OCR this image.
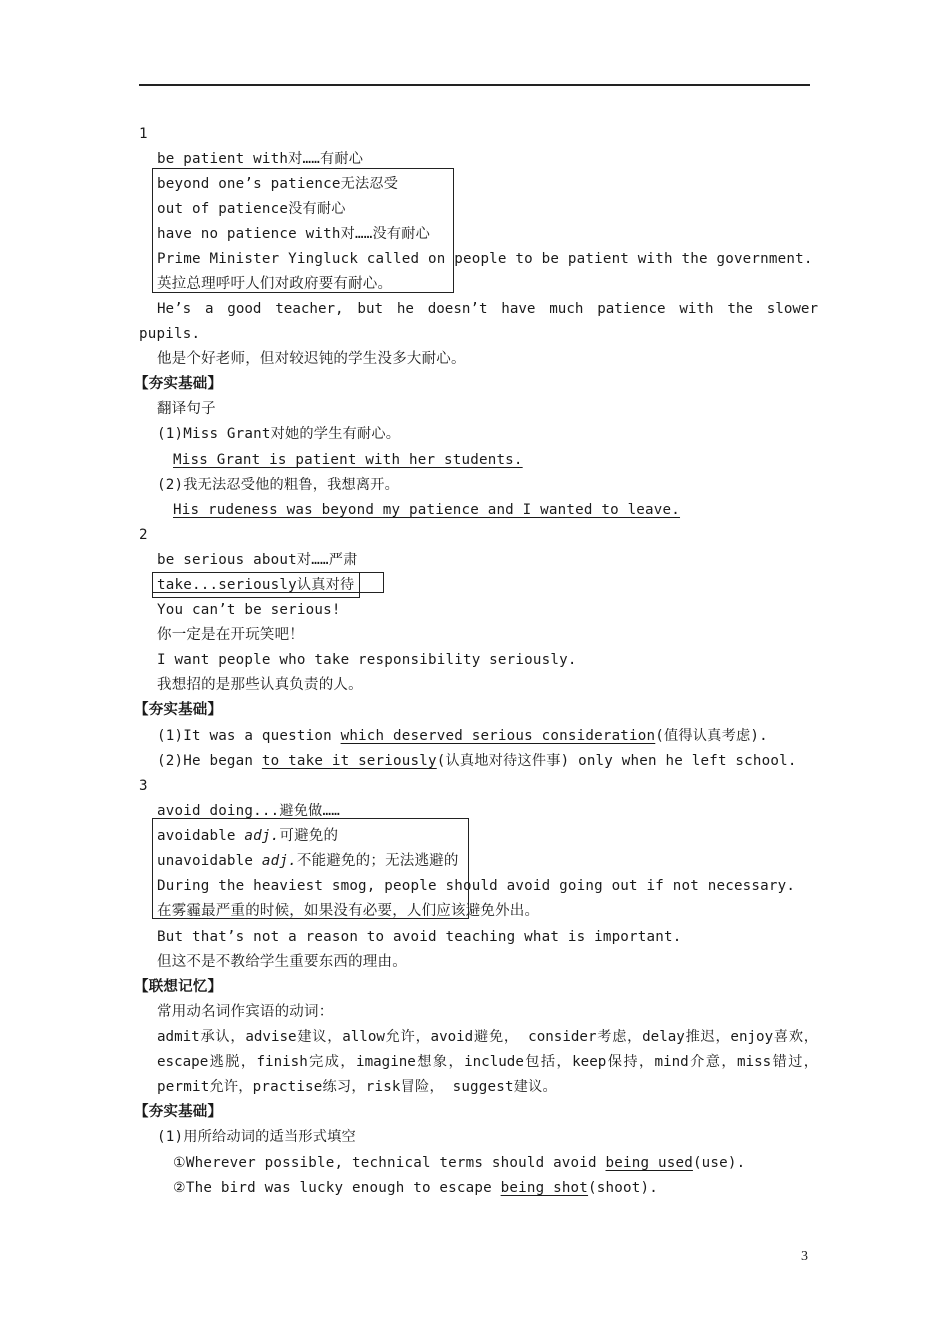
1
be patient with对……有耐心
beyond one’s patience无法忍受
out of patience没有耐心
have no patience with对……没有耐心
Prime Minister Yingluck called on people to be patient with the government.
英拉总理呼吁人们对政府要有耐心。
He’s a good teacher, but he doesn’t have much patience with the slower
pupils.
他是个好老师，但对较迟钝的学生没多大耐心。
【夯实基础】
翻译句子
(1)Miss Grant对她的学生有耐心。
Miss Grant is patient with her students.
(2)我无法忍受他的粗鲁，我想离开。
His rudeness was beyond my patience and I wanted to leave.
2
be serious about对……严肃
take...seriously认真对待
You can’t be serious!
你一定是在开玩笑吧！
I want people who take responsibility seriously.
我想招的是那些认真负责的人。
【夯实基础】
(1)It was a question which deserved serious consideration(值得认真考虑).
(2)He began to take it seriously(认真地对待这件事) only when he left school.
3
avoid doing...避免做……
avoidable adj.可避免的
unavoidable adj.不能避免的；无法逃避的
During the heaviest smog, people should avoid going out if not necessary.
在雾霾最严重的时候，如果没有必要，人们应该避免外出。
But that’s not a reason to avoid teaching what is important.
但这不是不教给学生重要东西的理由。
【联想记忆】
常用动名词作宾语的动词：
admit承认，advise建议，allow允许，avoid避免， consider考虑，delay推迟，enjoy喜欢，
escape逃脱，finish完成，imagine想象，include包括，keep保持，mind介意，miss错过，
permit允许，practise练习，risk冒险， suggest建议。
【夯实基础】
(1)用所给动词的适当形式填空
①Wherever possible, technical terms should avoid being used(use).
②The bird was lucky enough to escape being shot(shoot).
3
